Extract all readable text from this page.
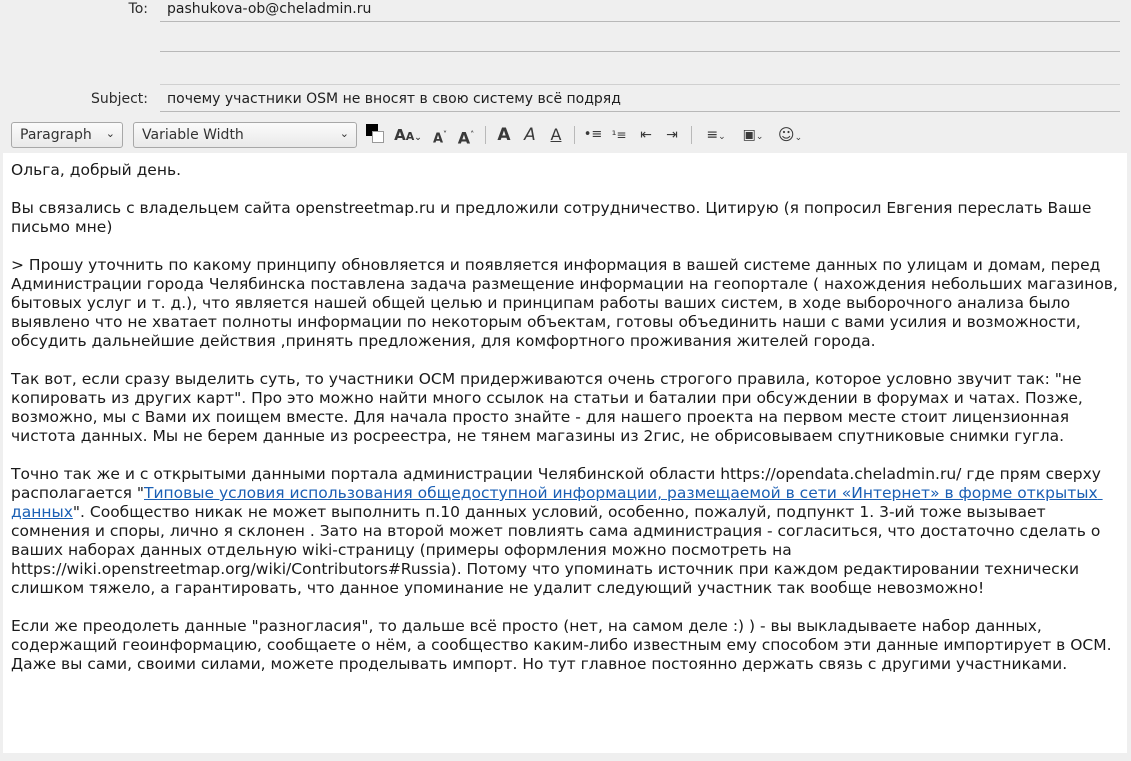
To: pashukova-ob@cheladmin.ru
Subject: почему участники OSM не вносят в свою систему всё подряд
Paragraph ⌄	Variable Width	⌄	AA⌄ A˅ A˄ A A A	•≡ ¹≡ ⇤ ⇥	≡⌄	▣⌄ ☺⌄

Ольга, добрый день.

Вы связались с владельцем сайта openstreetmap.ru и предложили сотрудничество. Цитирую (я попросил Евгения переслать Ваше письмо мне)

> Прошу уточнить по какому принципу обновляется и появляется информация в вашей системе данных по улицам и домам, перед Администрации города Челябинска поставлена задача размещение информации на геопортале ( нахождения небольших магазинов, бытовых услуг и т. д.), что является нашей общей целью и принципам работы ваших систем, в ходе выборочного анализа было выявлено что не хватает полноты информации по некоторым объектам, готовы объединить наши с вами усилия и возможности, обсудить дальнейшие действия ,принять предложения, для комфортного проживания жителей города.

Так вот, если сразу выделить суть, то участники ОСМ придерживаются очень строгого правила, которое условно звучит так: "не копировать из других карт". Про это можно найти много ссылок на статьи и баталии при обсуждении в форумах и чатах. Позже, возможно, мы с Вами их поищем вместе. Для начала просто знайте - для нашего проекта на первом месте стоит лицензионная чистота данных. Мы не берем данные из росреестра, не тянем магазины из 2гис, не обрисовываем спутниковые снимки гугла.

Точно так же и с открытыми данными портала администрации Челябинской области https://opendata.cheladmin.ru/ где прям сверху располагается "Типовые условия использования общедоступной информации, размещаемой в сети «Интернет» в форме открытых данных". Сообщество никак не может выполнить п.10 данных условий, особенно, пожалуй, подпункт 1. 3-ий тоже вызывает сомнения и споры, лично я склонен . Зато на второй может повлиять сама администрация - согласиться, что достаточно сделать о ваших наборах данных отдельную wiki-страницу (примеры оформления можно посмотреть на https://wiki.openstreetmap.org/wiki/Contributors#Russia). Потому что упоминать источник при каждом редактировании технически слишком тяжело, а гарантировать, что данное упоминание не удалит следующий участник так вообще невозможно!

Если же преодолеть данные "разногласия", то дальше всё просто (нет, на самом деле :) ) - вы выкладываете набор данных, содержащий геоинформацию, сообщаете о нём, а сообщество каким-либо известным ему способом эти данные импортирует в ОСМ. Даже вы сами, своими силами, можете проделывать импорт. Но тут главное постоянно держать связь с другими участниками.
